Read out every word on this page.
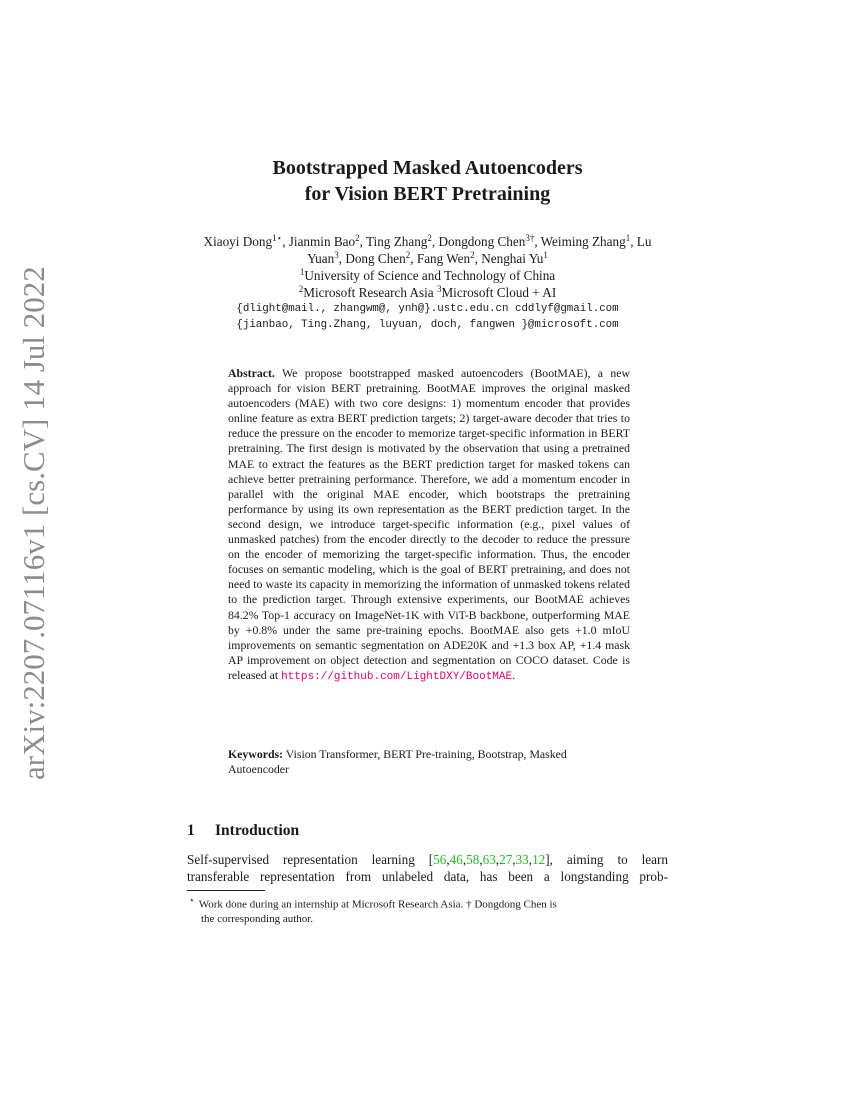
arXiv:2207.07116v1 [cs.CV] 14 Jul 2022
Bootstrapped Masked Autoencoders
for Vision BERT Pretraining
Xiaoyi Dong$^{1⋆}$, Jianmin Bao$^2$, Ting Zhang$^2$, Dongdong Chen$^{3\dagger}$, Weiming Zhang$^1$, Lu Yuan$^3$, Dong Chen$^2$, Fang Wen$^2$, Nenghai Yu$^1$
$^1$University of Science and Technology of China
$^2$Microsoft Research Asia $^3$Microsoft Cloud + AI
{dlight@mail., zhangwm@, ynh@}.ustc.edu.cn cddlyf@gmail.com
{jianbao, Ting.Zhang, luyuan, doch, fangwen }@microsoft.com
Abstract. We propose bootstrapped masked autoencoders (BootMAE), a new approach for vision BERT pretraining. BootMAE improves the original masked autoencoders (MAE) with two core designs: 1) momentum encoder that provides online feature as extra BERT prediction targets; 2) target-aware decoder that tries to reduce the pressure on the encoder to memorize target-specific information in BERT pretraining. The first design is motivated by the observation that using a pretrained MAE to extract the features as the BERT prediction target for masked tokens can achieve better pretraining performance. Therefore, we add a momentum encoder in parallel with the original MAE encoder, which bootstraps the pretraining performance by using its own representation as the BERT prediction target. In the second design, we introduce target-specific information (e.g., pixel values of unmasked patches) from the encoder directly to the decoder to reduce the pressure on the encoder of memorizing the target-specific information. Thus, the encoder focuses on semantic modeling, which is the goal of BERT pretraining, and does not need to waste its capacity in memorizing the information of unmasked tokens related to the prediction target. Through extensive experiments, our BootMAE achieves 84.2% Top-1 accuracy on ImageNet-1K with ViT-B backbone, outperforming MAE by +0.8% under the same pre-training epochs. BootMAE also gets +1.0 mIoU improvements on semantic segmentation on ADE20K and +1.3 box AP, +1.4 mask AP improvement on object detection and segmentation on COCO dataset. Code is released at https://github.com/LightDXY/BootMAE.
Keywords: Vision Transformer, BERT Pre-training, Bootstrap, Masked Autoencoder
1 Introduction
Self-supervised representation learning [56,46,58,63,27,33,12], aiming to learn
transferable representation from unlabeled data, has been a longstanding prob-
⋆ Work done during an internship at Microsoft Research Asia. † Dongdong Chen is
the corresponding author.
